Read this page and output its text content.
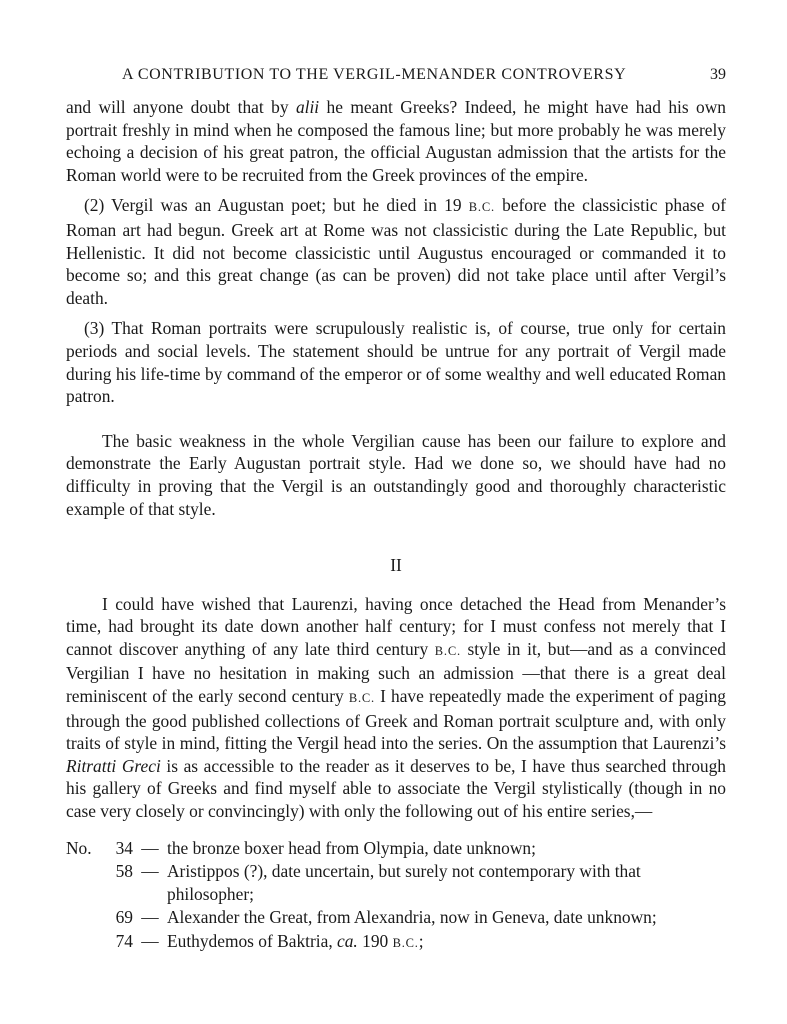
A CONTRIBUTION TO THE VERGIL-MENANDER CONTROVERSY	39

and will anyone doubt that by alii he meant Greeks? Indeed, he might have had his own portrait freshly in mind when he composed the famous line; but more probably he was merely echoing a decision of his great patron, the official Augustan admission that the artists for the Roman world were to be recruited from the Greek provinces of the empire.

(2) Vergil was an Augustan poet; but he died in 19 B.C. before the classicistic phase of Roman art had begun. Greek art at Rome was not classicistic during the Late Republic, but Hellenistic. It did not become classicistic until Augustus encouraged or commanded it to become so; and this great change (as can be proven) did not take place until after Vergil’s death.

(3) That Roman portraits were scrupulously realistic is, of course, true only for certain periods and social levels. The statement should be untrue for any portrait of Vergil made during his life-time by command of the emperor or of some wealthy and well educated Roman patron.

The basic weakness in the whole Vergilian cause has been our failure to explore and demonstrate the Early Augustan portrait style. Had we done so, we should have had no difficulty in proving that the Vergil is an outstandingly good and thoroughly characteristic example of that style.

II

I could have wished that Laurenzi, having once detached the Head from Menander’s time, had brought its date down another half century; for I must confess not merely that I cannot discover anything of any late third century B.C. style in it, but—and as a convinced Vergilian I have no hesitation in making such an admission —that there is a great deal reminiscent of the early second century B.C. I have repeatedly made the experiment of paging through the good published collections of Greek and Roman portrait sculpture and, with only traits of style in mind, fitting the Vergil head into the series. On the assumption that Laurenzi’s Ritratti Greci is as accessible to the reader as it deserves to be, I have thus searched through his gallery of Greeks and find myself able to associate the Vergil stylistically (though in no case very closely or convincingly) with only the following out of his entire series,—

No.	34 — the bronze boxer head from Olympia, date unknown;
58 — Aristippos (?), date uncertain, but surely not contemporary with that
philosopher;
69 — Alexander the Great, from Alexandria, now in Geneva, date unknown;
74 — Euthydemos of Baktria, ca. 190 B.C.;
